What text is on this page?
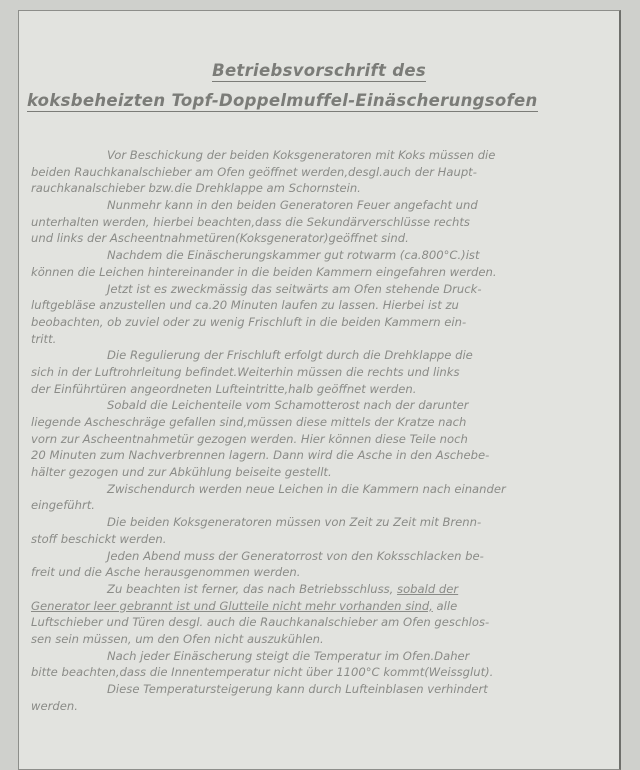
Betriebsvorschrift des
koksbeheizten Topf-Doppelmuffel-Einäscherungsofen
Vor Beschickung der beiden Koksgeneratoren mit Koks müssen die
beiden Rauchkanalschieber am Ofen geöffnet werden,desgl.auch der Haupt-
rauchkanalschieber bzw.die Drehklappe am Schornstein.
Nunmehr kann in den beiden Generatoren Feuer angefacht und
unterhalten werden, hierbei beachten,dass die Sekundärverschlüsse rechts
und links der Ascheentnahmetüren(Koksgenerator)geöffnet sind.
Nachdem die Einäscherungskammer gut rotwarm (ca.800°C.)ist
können die Leichen hintereinander in die beiden Kammern eingefahren werden.
Jetzt ist es zweckmässig das seitwärts am Ofen stehende Druck-
luftgebläse anzustellen und ca.20 Minuten laufen zu lassen. Hierbei ist zu
beobachten, ob zuviel oder zu wenig Frischluft in die beiden Kammern ein-
tritt.
Die Regulierung der Frischluft erfolgt durch die Drehklappe die
sich in der Luftrohrleitung befindet.Weiterhin müssen die rechts und links
der Einführtüren angeordneten Lufteintritte,halb geöffnet werden.
Sobald die Leichenteile vom Schamotterost nach der darunter
liegende Ascheschräge gefallen sind,müssen diese mittels der Kratze nach
vorn zur Ascheentnahmetür gezogen werden. Hier können diese Teile noch
20 Minuten zum Nachverbrennen lagern. Dann wird die Asche in den Aschebe-
hälter gezogen und zur Abkühlung beiseite gestellt.
Zwischendurch werden neue Leichen in die Kammern nach einander
eingeführt.
Die beiden Koksgeneratoren müssen von Zeit zu Zeit mit Brenn-
stoff beschickt werden.
Jeden Abend muss der Generatorrost von den Koksschlacken be-
freit und die Asche herausgenommen werden.
Zu beachten ist ferner, das nach Betriebsschluss, sobald der
Generator leer gebrannt ist und Glutteile nicht mehr vorhanden sind, alle
Luftschieber und Türen desgl. auch die Rauchkanalschieber am Ofen geschlos-
sen sein müssen, um den Ofen nicht auszukühlen.
Nach jeder Einäscherung steigt die Temperatur im Ofen.Daher
bitte beachten,dass die Innentemperatur nicht über 1100°C kommt(Weissglut).
Diese Temperatursteigerung kann durch Lufteinblasen verhindert
werden.
